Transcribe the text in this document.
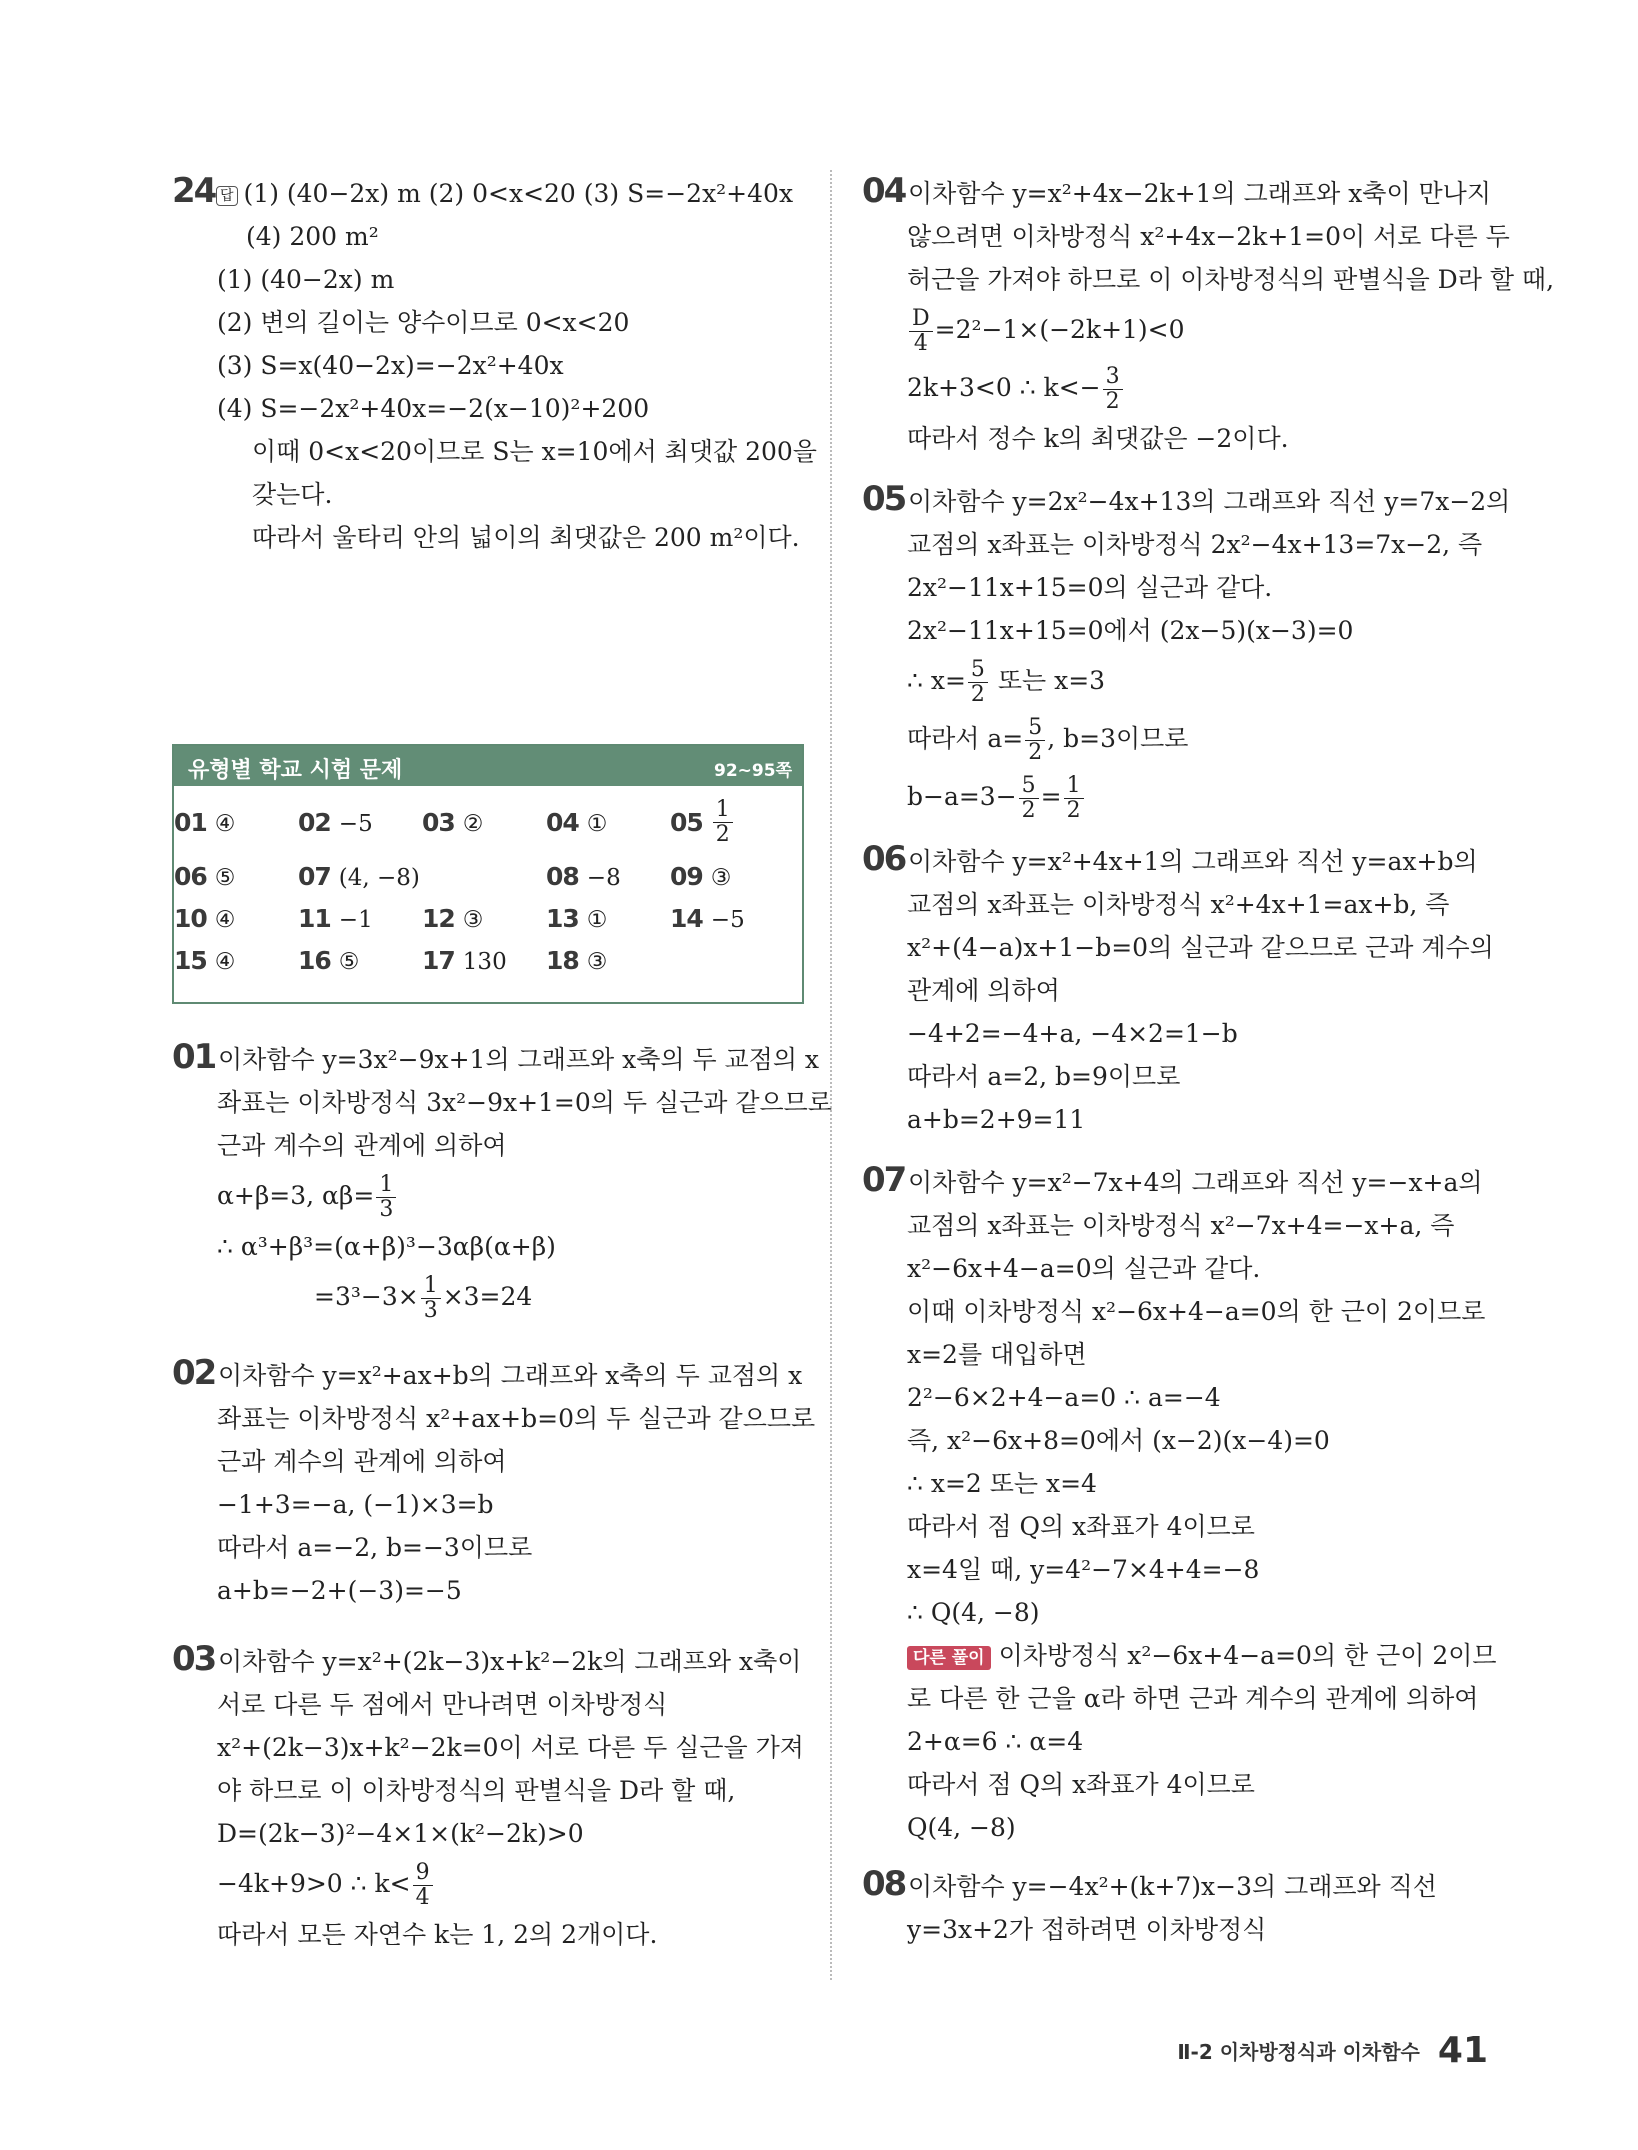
24 답 (1) (40−2x) m (2) 0<x<20 (3) S=−2x²+40x
(4) 200 m²
(1) (40−2x) m
(2) 변의 길이는 양수이므로 0<x<20
(3) S=x(40−2x)=−2x²+40x
(4) S=−2x²+40x=−2(x−10)²+200
이때 0<x<20이므로 S는 x=10에서 최댓값 200을
갖는다.
따라서 울타리 안의 넓이의 최댓값은 200 m²이다.
유형별 학교 시험 문제	92~95쪽
01 ④	02 −5 03 ②	04 ①	$05 \frac{1}{2}$
06 ⑤	07 (4, −8)	08 −8 09 ③
10 ④	11 −1 12 ③	13 ①	14 −5
15 ④	16 ⑤	17 130 18 ③
01 이차함수 y=3x²−9x+1의 그래프와 x축의 두 교점의 x
좌표는 이차방정식 3x²−9x+1=0의 두 실근과 같으므로
근과 계수의 관계에 의하여
α+β=3, $\alpha\beta= \frac{1}{3}$
∴ α³+β³=(α+β)³−3αβ(α+β)
$=3^3-3\times \frac{1}{3} \times 3=24$
02 이차함수 y=x²+ax+b의 그래프와 x축의 두 교점의 x
좌표는 이차방정식 x²+ax+b=0의 두 실근과 같으므로
근과 계수의 관계에 의하여
−1+3=−a, (−1)×3=b
따라서 a=−2, b=−3이므로
a+b=−2+(−3)=−5
03 이차함수 y=x²+(2k−3)x+k²−2k의 그래프와 x축이
서로 다른 두 점에서 만나려면 이차방정식
x²+(2k−3)x+k²−2k=0이 서로 다른 두 실근을 가져
야 하므로 이 이차방정식의 판별식을 D라 할 때,
D=(2k−3)²−4×1×(k²−2k)>0
−4k+9>0 ∴ $k< \frac{9}{4}$
따라서 모든 자연수 k는 1, 2의 2개이다.
04 이차함수 y=x²+4x−2k+1의 그래프와 x축이 만나지
않으려면 이차방정식 x²+4x−2k+1=0이 서로 다른 두
허근을 가져야 하므로 이 이차방정식의 판별식을 D라 할 때,
$\frac{D}{4} =2^2-1\times(-2k+1)<0$
2k+3<0 ∴ $k<- \frac{3}{2}$
따라서 정수 k의 최댓값은 −2이다.
05 이차함수 y=2x²−4x+13의 그래프와 직선 y=7x−2의
교점의 x좌표는 이차방정식 2x²−4x+13=7x−2, 즉
2x²−11x+15=0의 실근과 같다.
2x²−11x+15=0에서 (2x−5)(x−3)=0
∴ $x= \frac{5}{2}$ 또는 x=3
따라서 $a= \frac{5}{2}$ , b=3이므로
$b-a=3- \frac{5}{2} = \frac{1}{2}$
06 이차함수 y=x²+4x+1의 그래프와 직선 y=ax+b의
교점의 x좌표는 이차방정식 x²+4x+1=ax+b, 즉
x²+(4−a)x+1−b=0의 실근과 같으므로 근과 계수의
관계에 의하여
−4+2=−4+a, −4×2=1−b
따라서 a=2, b=9이므로
a+b=2+9=11
07 이차함수 y=x²−7x+4의 그래프와 직선 y=−x+a의
교점의 x좌표는 이차방정식 x²−7x+4=−x+a, 즉
x²−6x+4−a=0의 실근과 같다.
이때 이차방정식 x²−6x+4−a=0의 한 근이 2이므로
x=2를 대입하면
2²−6×2+4−a=0 ∴ a=−4
즉, x²−6x+8=0에서 (x−2)(x−4)=0
∴ x=2 또는 x=4
따라서 점 Q의 x좌표가 4이므로
x=4일 때, y=4²−7×4+4=−8
∴ Q(4, −8)
다른 풀이 이차방정식 x²−6x+4−a=0의 한 근이 2이므
로 다른 한 근을 α라 하면 근과 계수의 관계에 의하여
2+α=6 ∴ α=4
따라서 점 Q의 x좌표가 4이므로
Q(4, −8)
08 이차함수 y=−4x²+(k+7)x−3의 그래프와 직선
y=3x+2가 접하려면 이차방정식
Ⅱ-2 이차방정식과 이차함수 41
